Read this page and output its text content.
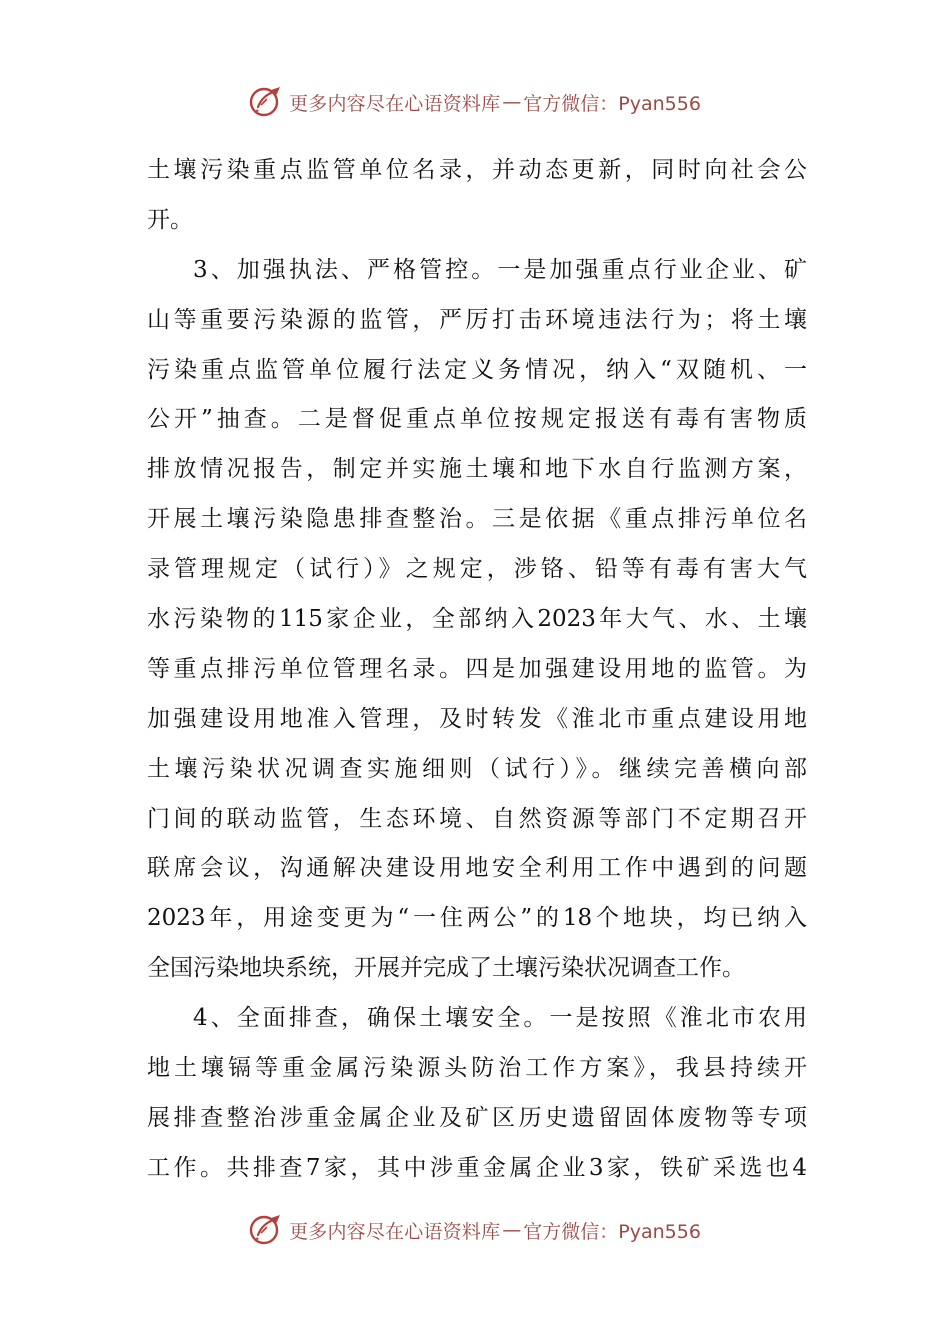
更多内容尽在心语资料库 — 官方微信：Pyan556
土壤污染重点监管单位名录，并动态更新，同时向社会公
开。
3、加强执法、严格管控。一是加强重点行业企业、矿
山等重要污染源的监管，严厉打击环境违法行为；将土壤
污染重点监管单位履行法定义务情况，纳入“双随机、一
公开”抽查。二是督促重点单位按规定报送有毒有害物质
排放情况报告，制定并实施土壤和地下水自行监测方案，
开展土壤污染隐患排查整治。三是依据《重点排污单位名
录管理规定（试行）》之规定，涉铬、铅等有毒有害大气
水污染物的115家企业，全部纳入2023年大气、水、土壤
等重点排污单位管理名录。四是加强建设用地的监管。为
加强建设用地准入管理，及时转发《淮北市重点建设用地
土壤污染状况调查实施细则（试行）》。继续完善横向部
门间的联动监管，生态环境、自然资源等部门不定期召开
联席会议，沟通解决建设用地安全利用工作中遇到的问题
2023年，用途变更为“一住两公”的18个地块，均已纳入
全国污染地块系统，开展并完成了土壤污染状况调查工作。
4、全面排查，确保土壤安全。一是按照《淮北市农用
地土壤镉等重金属污染源头防治工作方案》，我县持续开
展排查整治涉重金属企业及矿区历史遗留固体废物等专项
工作。共排查7家，其中涉重金属企业3家，铁矿采选也4
更多内容尽在心语资料库 — 官方微信：Pyan556
